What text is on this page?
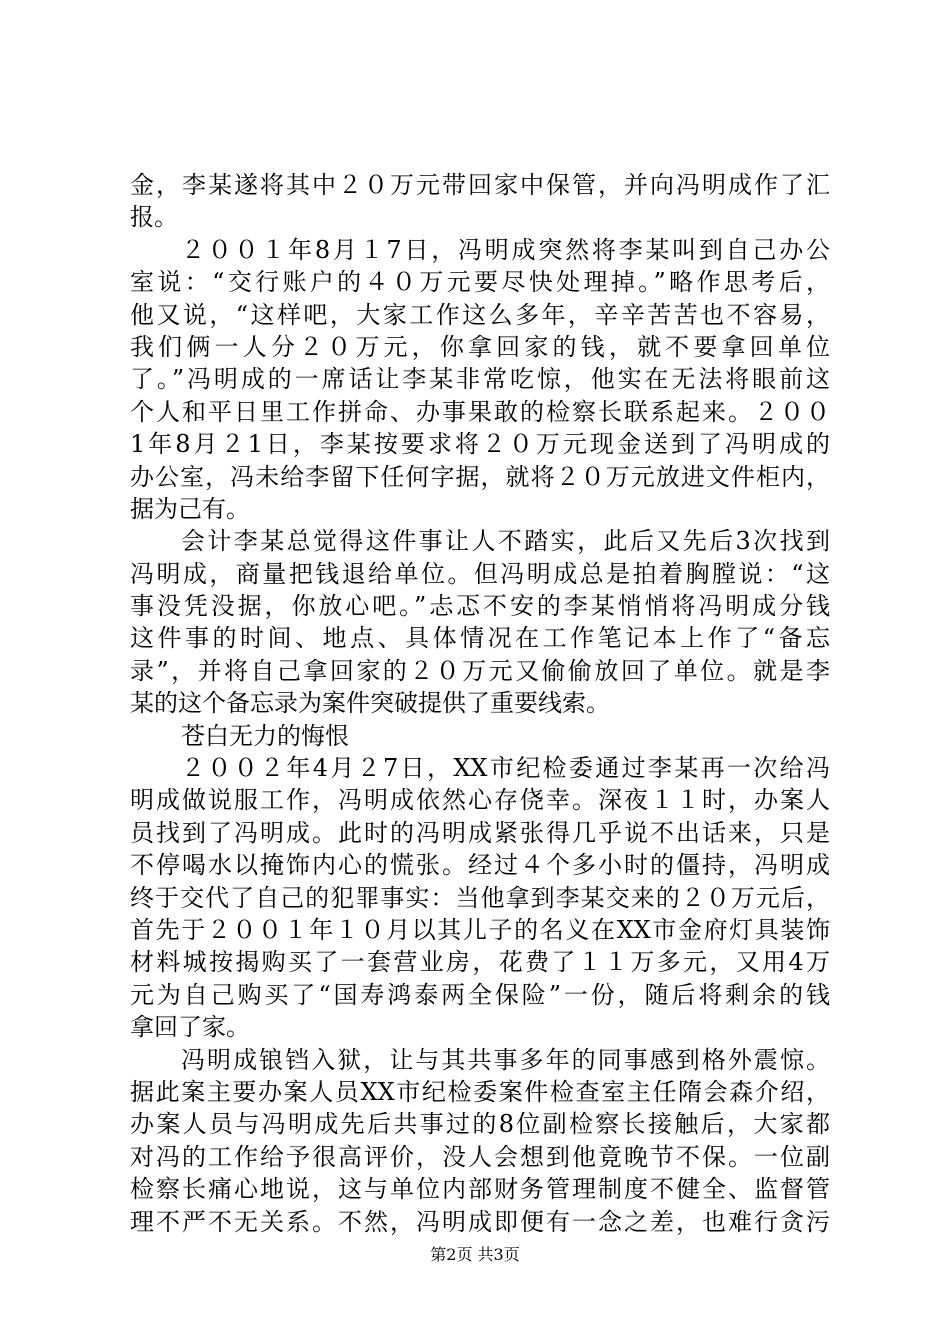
金，李某遂将其中２０万元带回家中保管，并向冯明成作了汇

报。

２００１年8月１7日，冯明成突然将李某叫到自己办公

室说：“交行账户的４０万元要尽快处理掉。”略作思考后，

他又说，“这样吧，大家工作这么多年，辛辛苦苦也不容易，

我们俩一人分２０万元，你拿回家的钱，就不要拿回单位

了。”冯明成的一席话让李某非常吃惊，他实在无法将眼前这

个人和平日里工作拼命、办事果敢的检察长联系起来。２００

1年8月２1日，李某按要求将２０万元现金送到了冯明成的

办公室，冯未给李留下任何字据，就将２０万元放进文件柜内，

据为己有。

会计李某总觉得这件事让人不踏实，此后又先后3次找到

冯明成，商量把钱退给单位。但冯明成总是拍着胸膛说：“这

事没凭没据，你放心吧。”忐忑不安的李某悄悄将冯明成分钱

这件事的时间、地点、具体情况在工作笔记本上作了“备忘

录”，并将自己拿回家的２０万元又偷偷放回了单位。就是李

某的这个备忘录为案件突破提供了重要线索。

苍白无力的悔恨

２００２年4月２7日，XX市纪检委通过李某再一次给冯

明成做说服工作，冯明成依然心存侥幸。深夜１１时，办案人

员找到了冯明成。此时的冯明成紧张得几乎说不出话来，只是

不停喝水以掩饰内心的慌张。经过４个多小时的僵持，冯明成

终于交代了自己的犯罪事实：当他拿到李某交来的２０万元后，

首先于２００１年１０月以其儿子的名义在XX市金府灯具装饰

材料城按揭购买了一套营业房，花费了１１万多元，又用4万

元为自己购买了“国寿鸿泰两全保险”一份，随后将剩余的钱

拿回了家。

冯明成锒铛入狱，让与其共事多年的同事感到格外震惊。

据此案主要办案人员XX市纪检委案件检查室主任隋会森介绍，

办案人员与冯明成先后共事过的8位副检察长接触后，大家都

对冯的工作给予很高评价，没人会想到他竟晚节不保。一位副

检察长痛心地说，这与单位内部财务管理制度不健全、监督管

理不严不无关系。不然，冯明成即便有一念之差，也难行贪污

第2页 共3页
